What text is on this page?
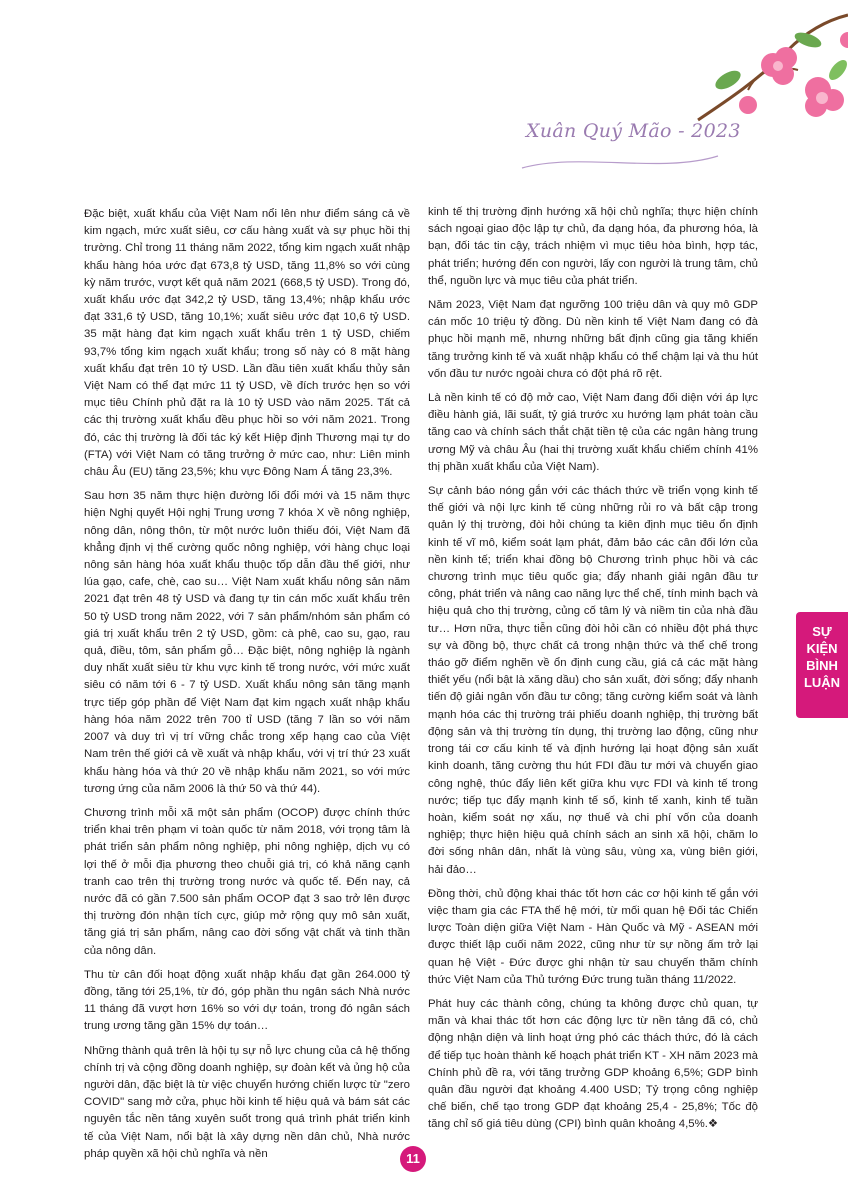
Xuân Quý Mão - 2023

Đặc biệt, xuất khẩu của Việt Nam nổi lên như điểm sáng cả về kim ngạch, mức xuất siêu, cơ cấu hàng xuất và sự phục hồi thị trường. Chỉ trong 11 tháng năm 2022, tổng kim ngạch xuất nhập khẩu hàng hóa ước đạt 673,8 tỷ USD, tăng 11,8% so với cùng kỳ năm trước, vượt kết quả năm 2021 (668,5 tỷ USD). Trong đó, xuất khẩu ước đạt 342,2 tỷ USD, tăng 13,4%; nhập khẩu ước đạt 331,6 tỷ USD, tăng 10,1%; xuất siêu ước đạt 10,6 tỷ USD. 35 mặt hàng đạt kim ngạch xuất khẩu trên 1 tỷ USD, chiếm 93,7% tổng kim ngạch xuất khẩu; trong số này có 8 mặt hàng xuất khẩu đạt trên 10 tỷ USD. Lần đầu tiên xuất khẩu thủy sản Việt Nam có thể đạt mức 11 tỷ USD, về đích trước hẹn so với mục tiêu Chính phủ đặt ra là 10 tỷ USD vào năm 2025. Tất cả các thị trường xuất khẩu đều phục hồi so với năm 2021. Trong đó, các thị trường là đối tác ký kết Hiệp định Thương mại tự do (FTA) với Việt Nam có tăng trưởng ở mức cao, như: Liên minh châu Âu (EU) tăng 23,5%; khu vực Đông Nam Á tăng 23,3%.

Sau hơn 35 năm thực hiện đường lối đổi mới và 15 năm thực hiện Nghị quyết Hội nghị Trung ương 7 khóa X về nông nghiệp, nông dân, nông thôn, từ một nước luôn thiếu đói, Việt Nam đã khẳng định vị thế cường quốc nông nghiệp, với hàng chục loại nông sản hàng hóa xuất khẩu thuộc tốp dẫn đầu thế giới, như lúa gạo, cafe, chè, cao su… Việt Nam xuất khẩu nông sản năm 2021 đạt trên 48 tỷ USD và đang tự tin cán mốc xuất khẩu trên 50 tỷ USD trong năm 2022, với 7 sản phẩm/nhóm sản phẩm có giá trị xuất khẩu trên 2 tỷ USD, gồm: cà phê, cao su, gạo, rau quả, điều, tôm, sản phẩm gỗ… Đặc biệt, nông nghiệp là ngành duy nhất xuất siêu từ khu vực kinh tế trong nước, với mức xuất siêu có năm tới 6 - 7 tỷ USD. Xuất khẩu nông sản tăng mạnh trực tiếp góp phần để Việt Nam đạt kim ngạch xuất nhập khẩu hàng hóa năm 2022 trên 700 tỉ USD (tăng 7 lần so với năm 2007 và duy trì vị trí vững chắc trong xếp hạng cao của Việt Nam trên thế giới cả về xuất và nhập khẩu, với vị trí thứ 23 xuất khẩu hàng hóa và thứ 20 về nhập khẩu năm 2021, so với mức tương ứng của năm 2006 là thứ 50 và thứ 44).

Chương trình mỗi xã một sản phẩm (OCOP) được chính thức triển khai trên phạm vi toàn quốc từ năm 2018, với trọng tâm là phát triển sản phẩm nông nghiệp, phi nông nghiệp, dịch vụ có lợi thế ở mỗi địa phương theo chuỗi giá trị, có khả năng cạnh tranh cao trên thị trường trong nước và quốc tế. Đến nay, cả nước đã có gần 7.500 sản phẩm OCOP đạt 3 sao trở lên được thị trường đón nhận tích cực, giúp mở rộng quy mô sản xuất, tăng giá trị sản phẩm, nâng cao đời sống vật chất và tinh thần của nông dân.

Thu từ cân đối hoạt động xuất nhập khẩu đạt gần 264.000 tỷ đồng, tăng tới 25,1%, từ đó, góp phần thu ngân sách Nhà nước 11 tháng đã vượt hơn 16% so với dự toán, trong đó ngân sách trung ương tăng gần 15% dự toán…

Những thành quả trên là hội tụ sự nỗ lực chung của cả hệ thống chính trị và cộng đồng doanh nghiệp, sự đoàn kết và ủng hộ của người dân, đặc biệt là từ việc chuyển hướng chiến lược từ "zero COVID" sang mở cửa, phục hồi kinh tế hiệu quả và bám sát các nguyên tắc nền tảng xuyên suốt trong quá trình phát triển kinh tế của Việt Nam, nổi bật là xây dựng nền dân chủ, Nhà nước pháp quyền xã hội chủ nghĩa và nền

kinh tế thị trường định hướng xã hội chủ nghĩa; thực hiện chính sách ngoại giao độc lập tự chủ, đa dạng hóa, đa phương hóa, là bạn, đối tác tin cậy, trách nhiệm vì mục tiêu hòa bình, hợp tác, phát triển; hướng đến con người, lấy con người là trung tâm, chủ thể, nguồn lực và mục tiêu của phát triển.

Năm 2023, Việt Nam đạt ngưỡng 100 triệu dân và quy mô GDP cán mốc 10 triệu tỷ đồng. Dù nền kinh tế Việt Nam đang có đà phục hồi mạnh mẽ, nhưng những bất định cũng gia tăng khiến tăng trưởng kinh tế và xuất nhập khẩu có thể chậm lại và thu hút vốn đầu tư nước ngoài chưa có đột phá rõ rệt.

Là nền kinh tế có độ mở cao, Việt Nam đang đối diện với áp lực điều hành giá, lãi suất, tỷ giá trước xu hướng lạm phát toàn cầu tăng cao và chính sách thắt chặt tiền tệ của các ngân hàng trung ương Mỹ và châu Âu (hai thị trường xuất khẩu chiếm chính 41% thị phần xuất khẩu của Việt Nam).

Sự cảnh báo nóng gắn với các thách thức về triển vọng kinh tế thế giới và nội lực kinh tế cùng những rủi ro và bất cập trong quản lý thị trường, đòi hỏi chúng ta kiên định mục tiêu ổn định kinh tế vĩ mô, kiểm soát lạm phát, đảm bảo các cân đối lớn của nền kinh tế; triển khai đồng bộ Chương trình phục hồi và các chương trình mục tiêu quốc gia; đẩy nhanh giải ngân đầu tư công, phát triển và nâng cao năng lực thể chế, tính minh bạch và hiệu quả cho thị trường, củng cố tâm lý và niềm tin của nhà đầu tư… Hơn nữa, thực tiễn cũng đòi hỏi cần có nhiều đột phá thực sự và đồng bộ, thực chất cả trong nhận thức và thể chế trong tháo gỡ điểm nghẽn về ổn định cung cầu, giá cả các mặt hàng thiết yếu (nổi bật là xăng dầu) cho sản xuất, đời sống; đẩy nhanh tiến độ giải ngân vốn đầu tư công; tăng cường kiểm soát và lành mạnh hóa các thị trường trái phiếu doanh nghiệp, thị trường bất động sản và thị trường tín dụng, thị trường lao động, cũng như trong tái cơ cấu kinh tế và định hướng lại hoạt động sản xuất kinh doanh, tăng cường thu hút FDI đầu tư mới và chuyển giao công nghệ, thúc đẩy liên kết giữa khu vực FDI và kinh tế trong nước; tiếp tục đẩy mạnh kinh tế số, kinh tế xanh, kinh tế tuần hoàn, kiểm soát nợ xấu, nợ thuế và chi phí vốn của doanh nghiệp; thực hiện hiệu quả chính sách an sinh xã hội, chăm lo đời sống nhân dân, nhất là vùng sâu, vùng xa, vùng biên giới, hải đảo…

Đồng thời, chủ động khai thác tốt hơn các cơ hội kinh tế gắn với việc tham gia các FTA thế hệ mới, từ mối quan hệ Đối tác Chiến lược Toàn diện giữa Việt Nam - Hàn Quốc và Mỹ - ASEAN mới được thiết lập cuối năm 2022, cũng như từ sự nồng ấm trở lại quan hệ Việt - Đức được ghi nhận từ sau chuyến thăm chính thức Việt Nam của Thủ tướng Đức trung tuần tháng 11/2022.

Phát huy các thành công, chúng ta không được chủ quan, tự mãn và khai thác tốt hơn các động lực từ nền tảng đã có, chủ động nhận diện và linh hoạt ứng phó các thách thức, đó là cách để tiếp tục hoàn thành kế hoạch phát triển KT - XH năm 2023 mà Chính phủ đề ra, với tăng trưởng GDP khoảng 6,5%; GDP bình quân đầu người đạt khoảng 4.400 USD; Tỷ trọng công nghiệp chế biến, chế tạo trong GDP đạt khoảng 25,4 - 25,8%; Tốc độ tăng chỉ số giá tiêu dùng (CPI) bình quân khoảng 4,5%.❖

SỰ
KIỆN
BÌNH
LUẬN
11
